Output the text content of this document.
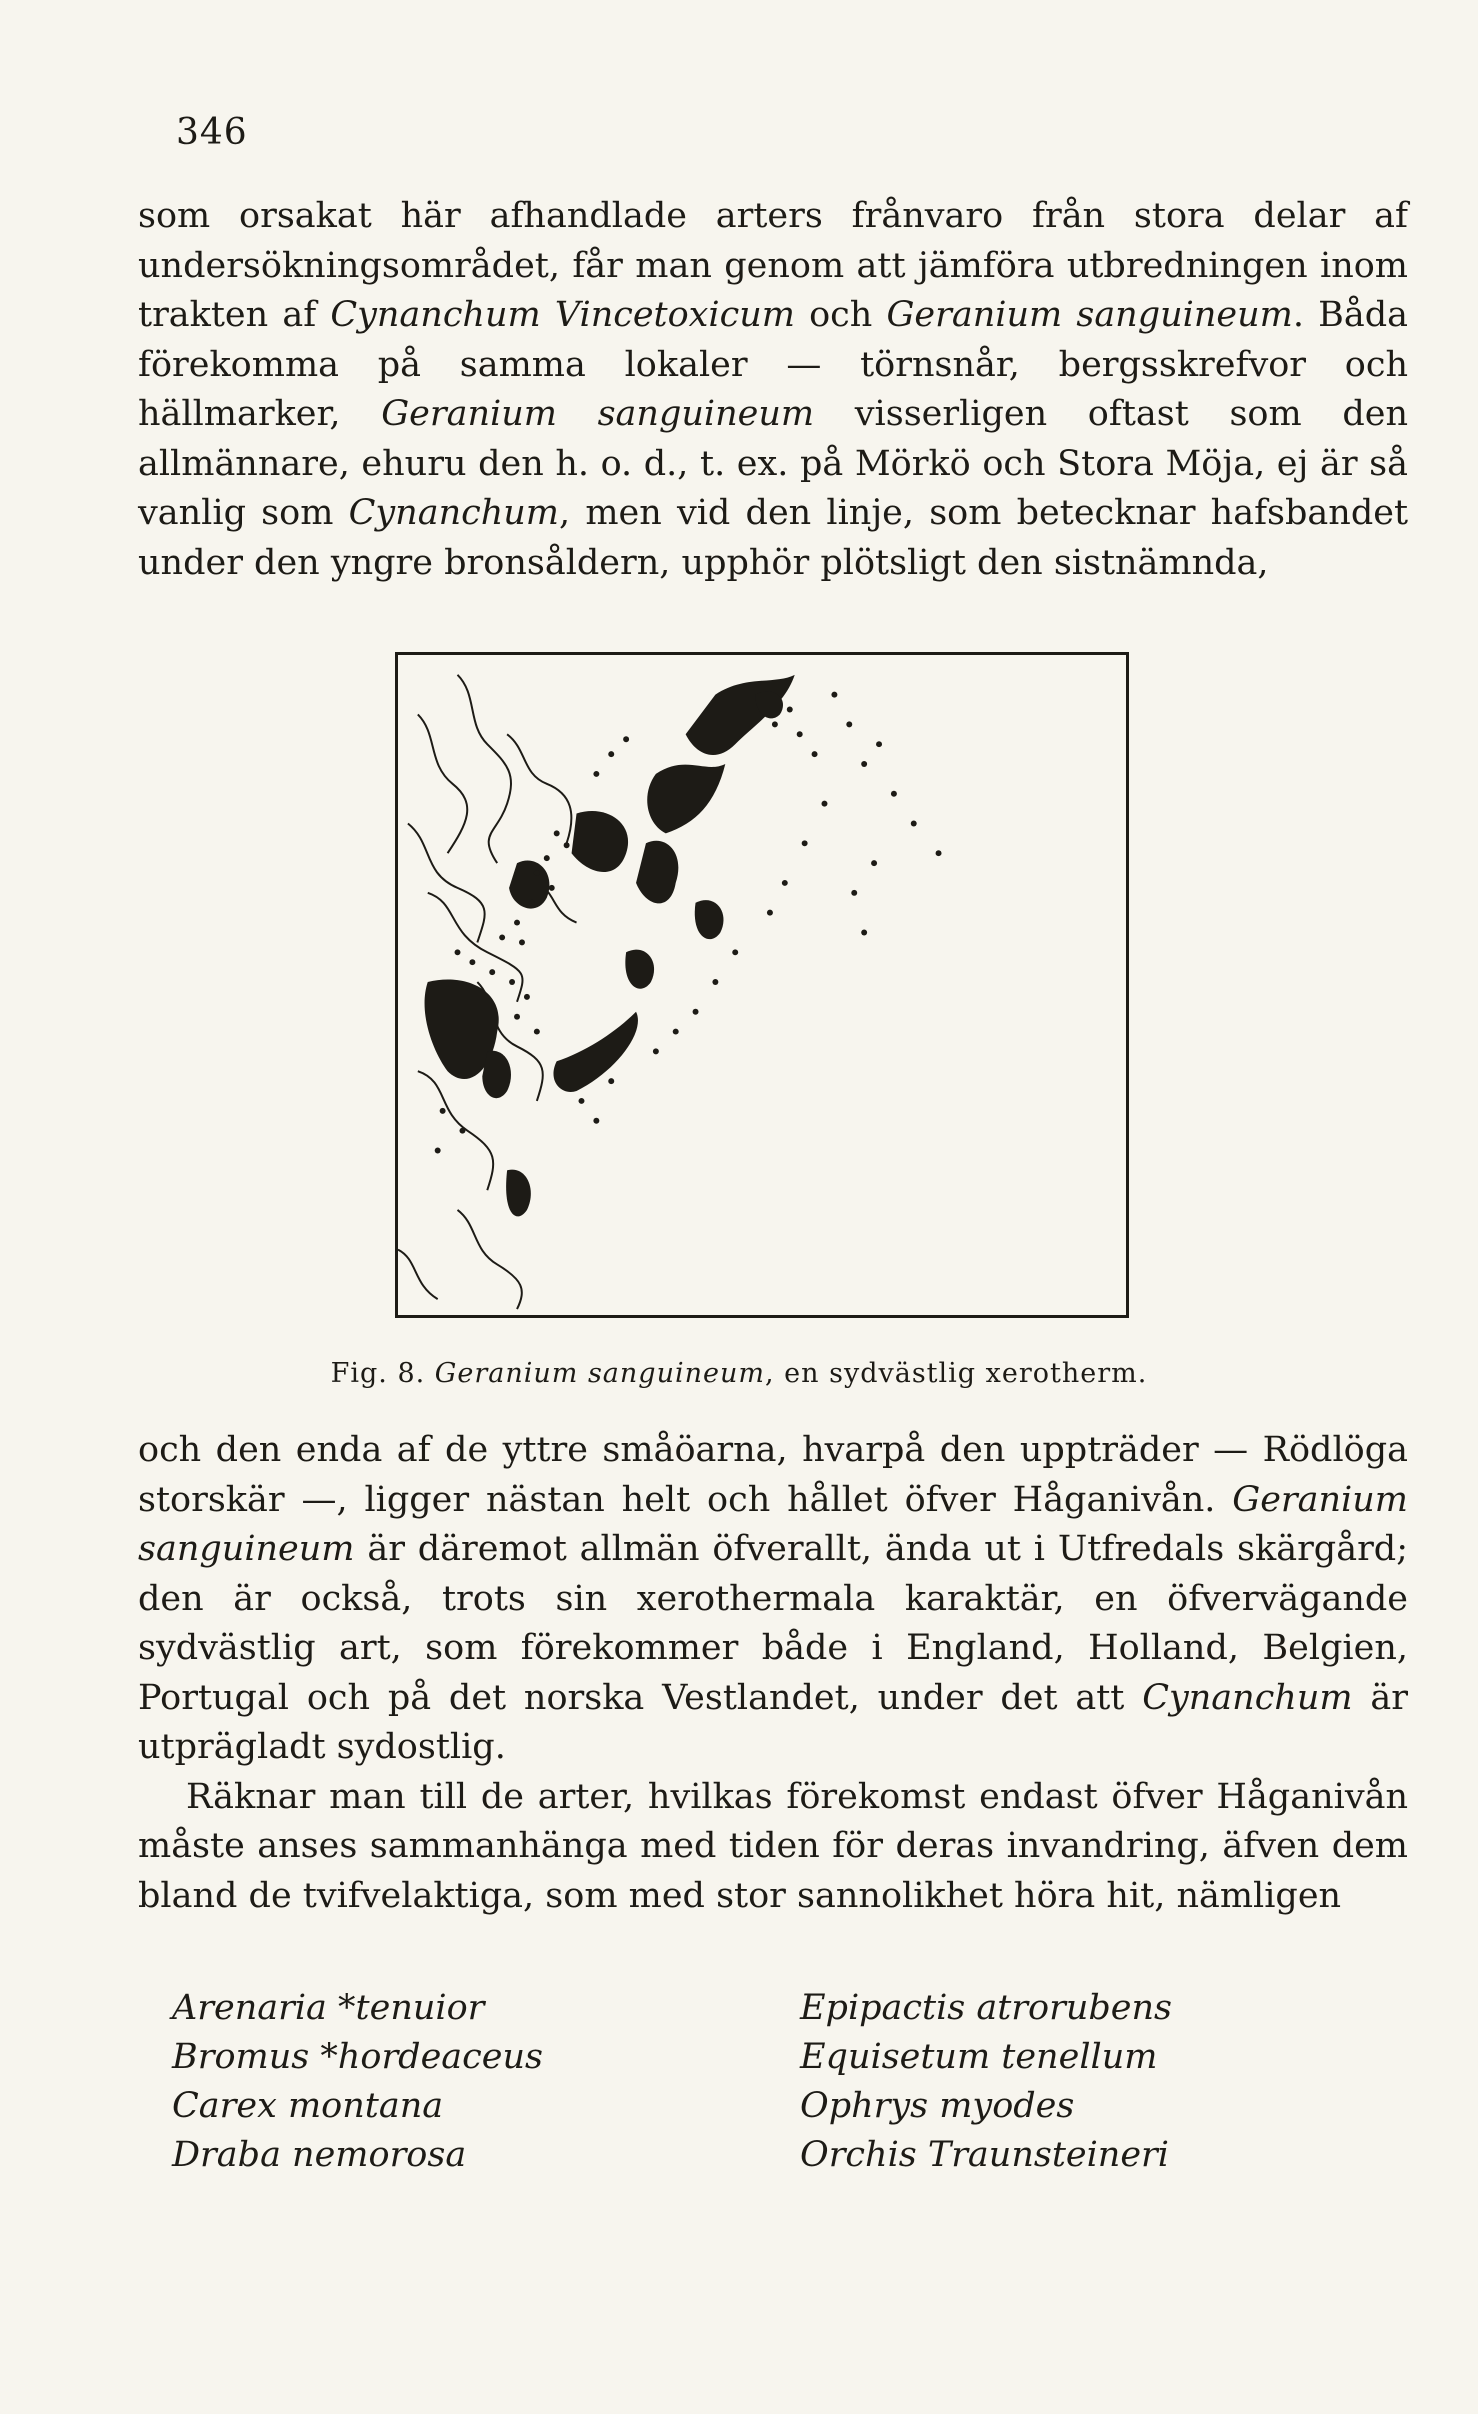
346

som orsakat här afhandlade arters frånvaro från stora delar af undersökningsområdet, får man genom att jämföra utbredningen inom trakten af Cynanchum Vincetoxicum och Geranium sanguineum. Båda förekomma på samma lokaler — törnsnår, bergsskrefvor och hällmarker, Geranium sanguineum visserligen oftast som den allmännare, ehuru den h. o. d., t. ex. på Mörkö och Stora Möja, ej är så vanlig som Cynanchum, men vid den linje, som betecknar hafsbandet under den yngre bronsåldern, upphör plötsligt den sistnämnda,

Fig. 8. Geranium sanguineum, en sydvästlig xerotherm.

och den enda af de yttre småöarna, hvarpå den uppträder — Rödlöga storskär —, ligger nästan helt och hållet öfver Håganivån. Geranium sanguineum är däremot allmän öfverallt, ända ut i Utfredals skärgård; den är också, trots sin xerothermala karaktär, en öfvervägande sydvästlig art, som förekommer både i England, Holland, Belgien, Portugal och på det norska Vestlandet, under det att Cynanchum är utprägladt sydostlig.

Räknar man till de arter, hvilkas förekomst endast öfver Håganivån måste anses sammanhänga med tiden för deras invandring, äfven dem bland de tvifvelaktiga, som med stor sannolikhet höra hit, nämligen

Arenaria *tenuior
Bromus *hordeaceus
Carex montana
Draba nemorosa
Epipactis atrorubens
Equisetum tenellum
Ophrys myodes
Orchis Traunsteineri
